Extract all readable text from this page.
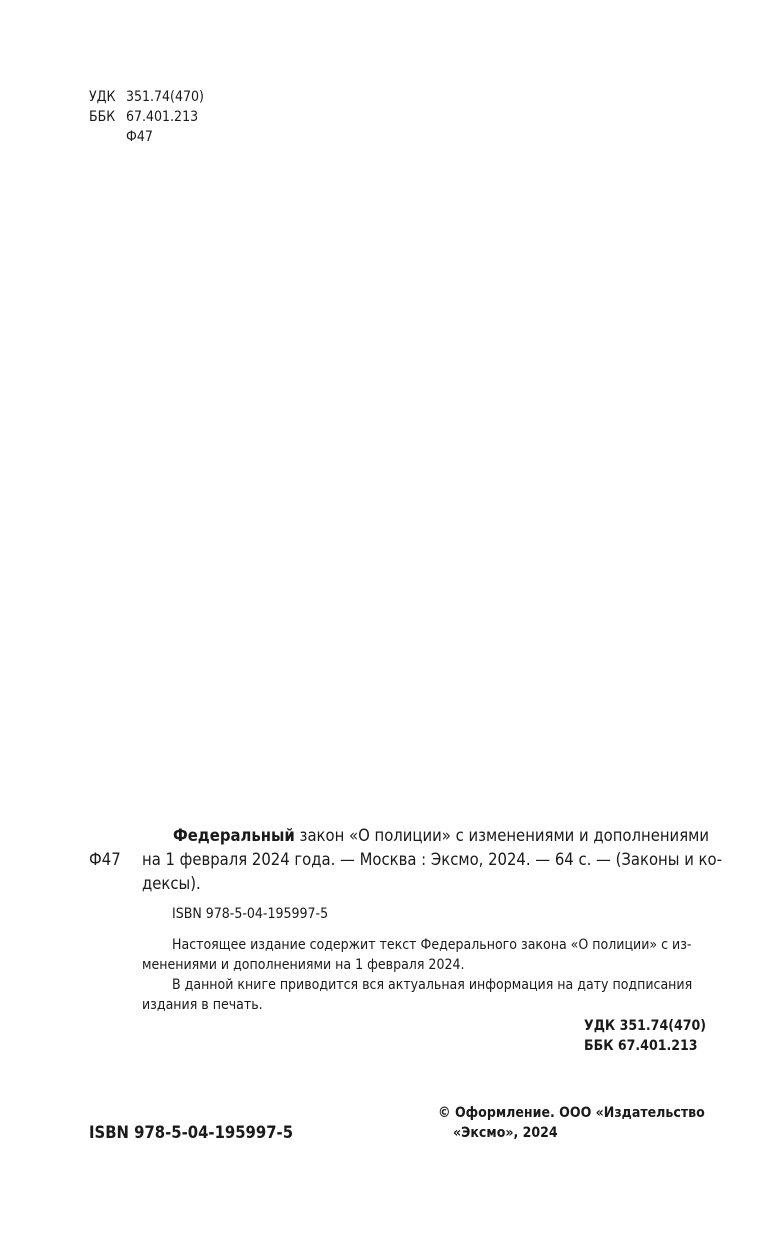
УДК 351.74(470)
ББК 67.401.213
Ф47
Ф47
Федеральный закон «О полиции» с изменениями и дополнениями
на 1 февраля 2024 года. — Москва : Эксмо, 2024. — 64 с. — (Законы и ко-
дексы).
ISBN 978-5-04-195997-5
Настоящее издание содержит текст Федерального закона «О полиции» с из-
менениями и дополнениями на 1 февраля 2024.
В данной книге приводится вся актуальная информация на дату подписания
издания в печать.
УДК 351.74(470)
ББК 67.401.213
ISBN 978-5-04-195997-5
© Оформление. ООО «Издательство
«Эксмо», 2024
